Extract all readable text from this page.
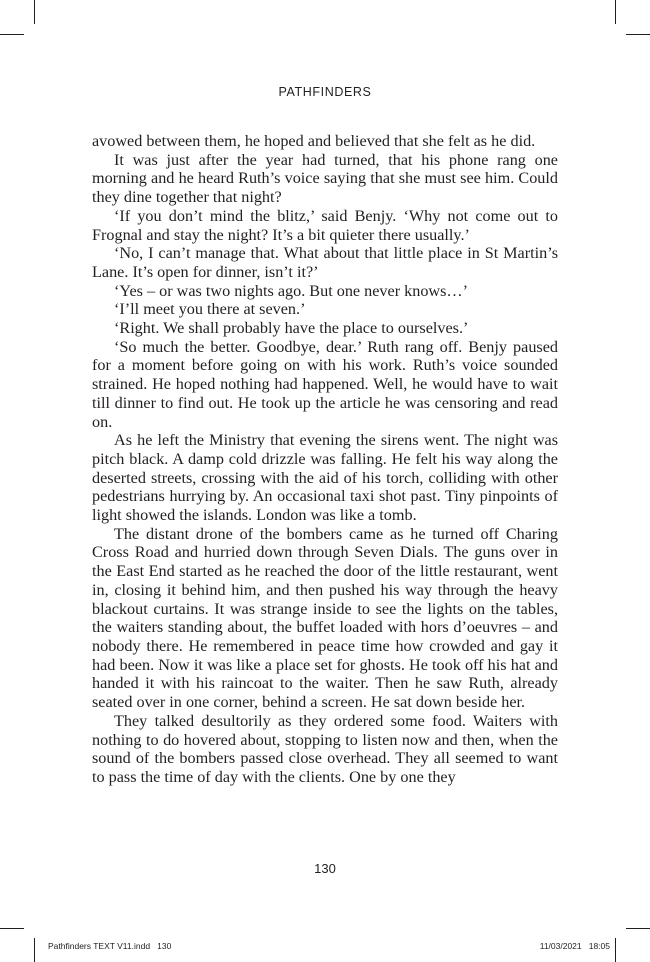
PATHFINDERS

avowed between them, he hoped and believed that she felt as he did.

It was just after the year had turned, that his phone rang one morning and he heard Ruth’s voice saying that she must see him. Could they dine together that night?

‘If you don’t mind the blitz,’ said Benjy. ‘Why not come out to Frognal and stay the night? It’s a bit quieter there usually.’

‘No, I can’t manage that. What about that little place in St Martin’s Lane. It’s open for dinner, isn’t it?’

‘Yes – or was two nights ago. But one never knows…’

‘I’ll meet you there at seven.’

‘Right. We shall probably have the place to ourselves.’

‘So much the better. Goodbye, dear.’ Ruth rang off. Benjy paused for a moment before going on with his work. Ruth’s voice sounded strained. He hoped nothing had happened. Well, he would have to wait till dinner to find out. He took up the article he was censoring and read on.

As he left the Ministry that evening the sirens went. The night was pitch black. A damp cold drizzle was falling. He felt his way along the deserted streets, crossing with the aid of his torch, colliding with other pedestrians hurrying by. An occasional taxi shot past. Tiny pinpoints of light showed the islands. London was like a tomb.

The distant drone of the bombers came as he turned off Charing Cross Road and hurried down through Seven Dials. The guns over in the East End started as he reached the door of the little restaurant, went in, closing it behind him, and then pushed his way through the heavy blackout curtains. It was strange inside to see the lights on the tables, the waiters standing about, the buffet loaded with hors d’oeuvres – and nobody there. He remembered in peace time how crowded and gay it had been. Now it was like a place set for ghosts. He took off his hat and handed it with his raincoat to the waiter. Then he saw Ruth, already seated over in one corner, behind a screen. He sat down beside her.

They talked desultorily as they ordered some food. Waiters with nothing to do hovered about, stopping to listen now and then, when the sound of the bombers passed close overhead. They all seemed to want to pass the time of day with the clients. One by one they

130
Pathfinders TEXT V11.indd   130	11/03/2021   18:05
